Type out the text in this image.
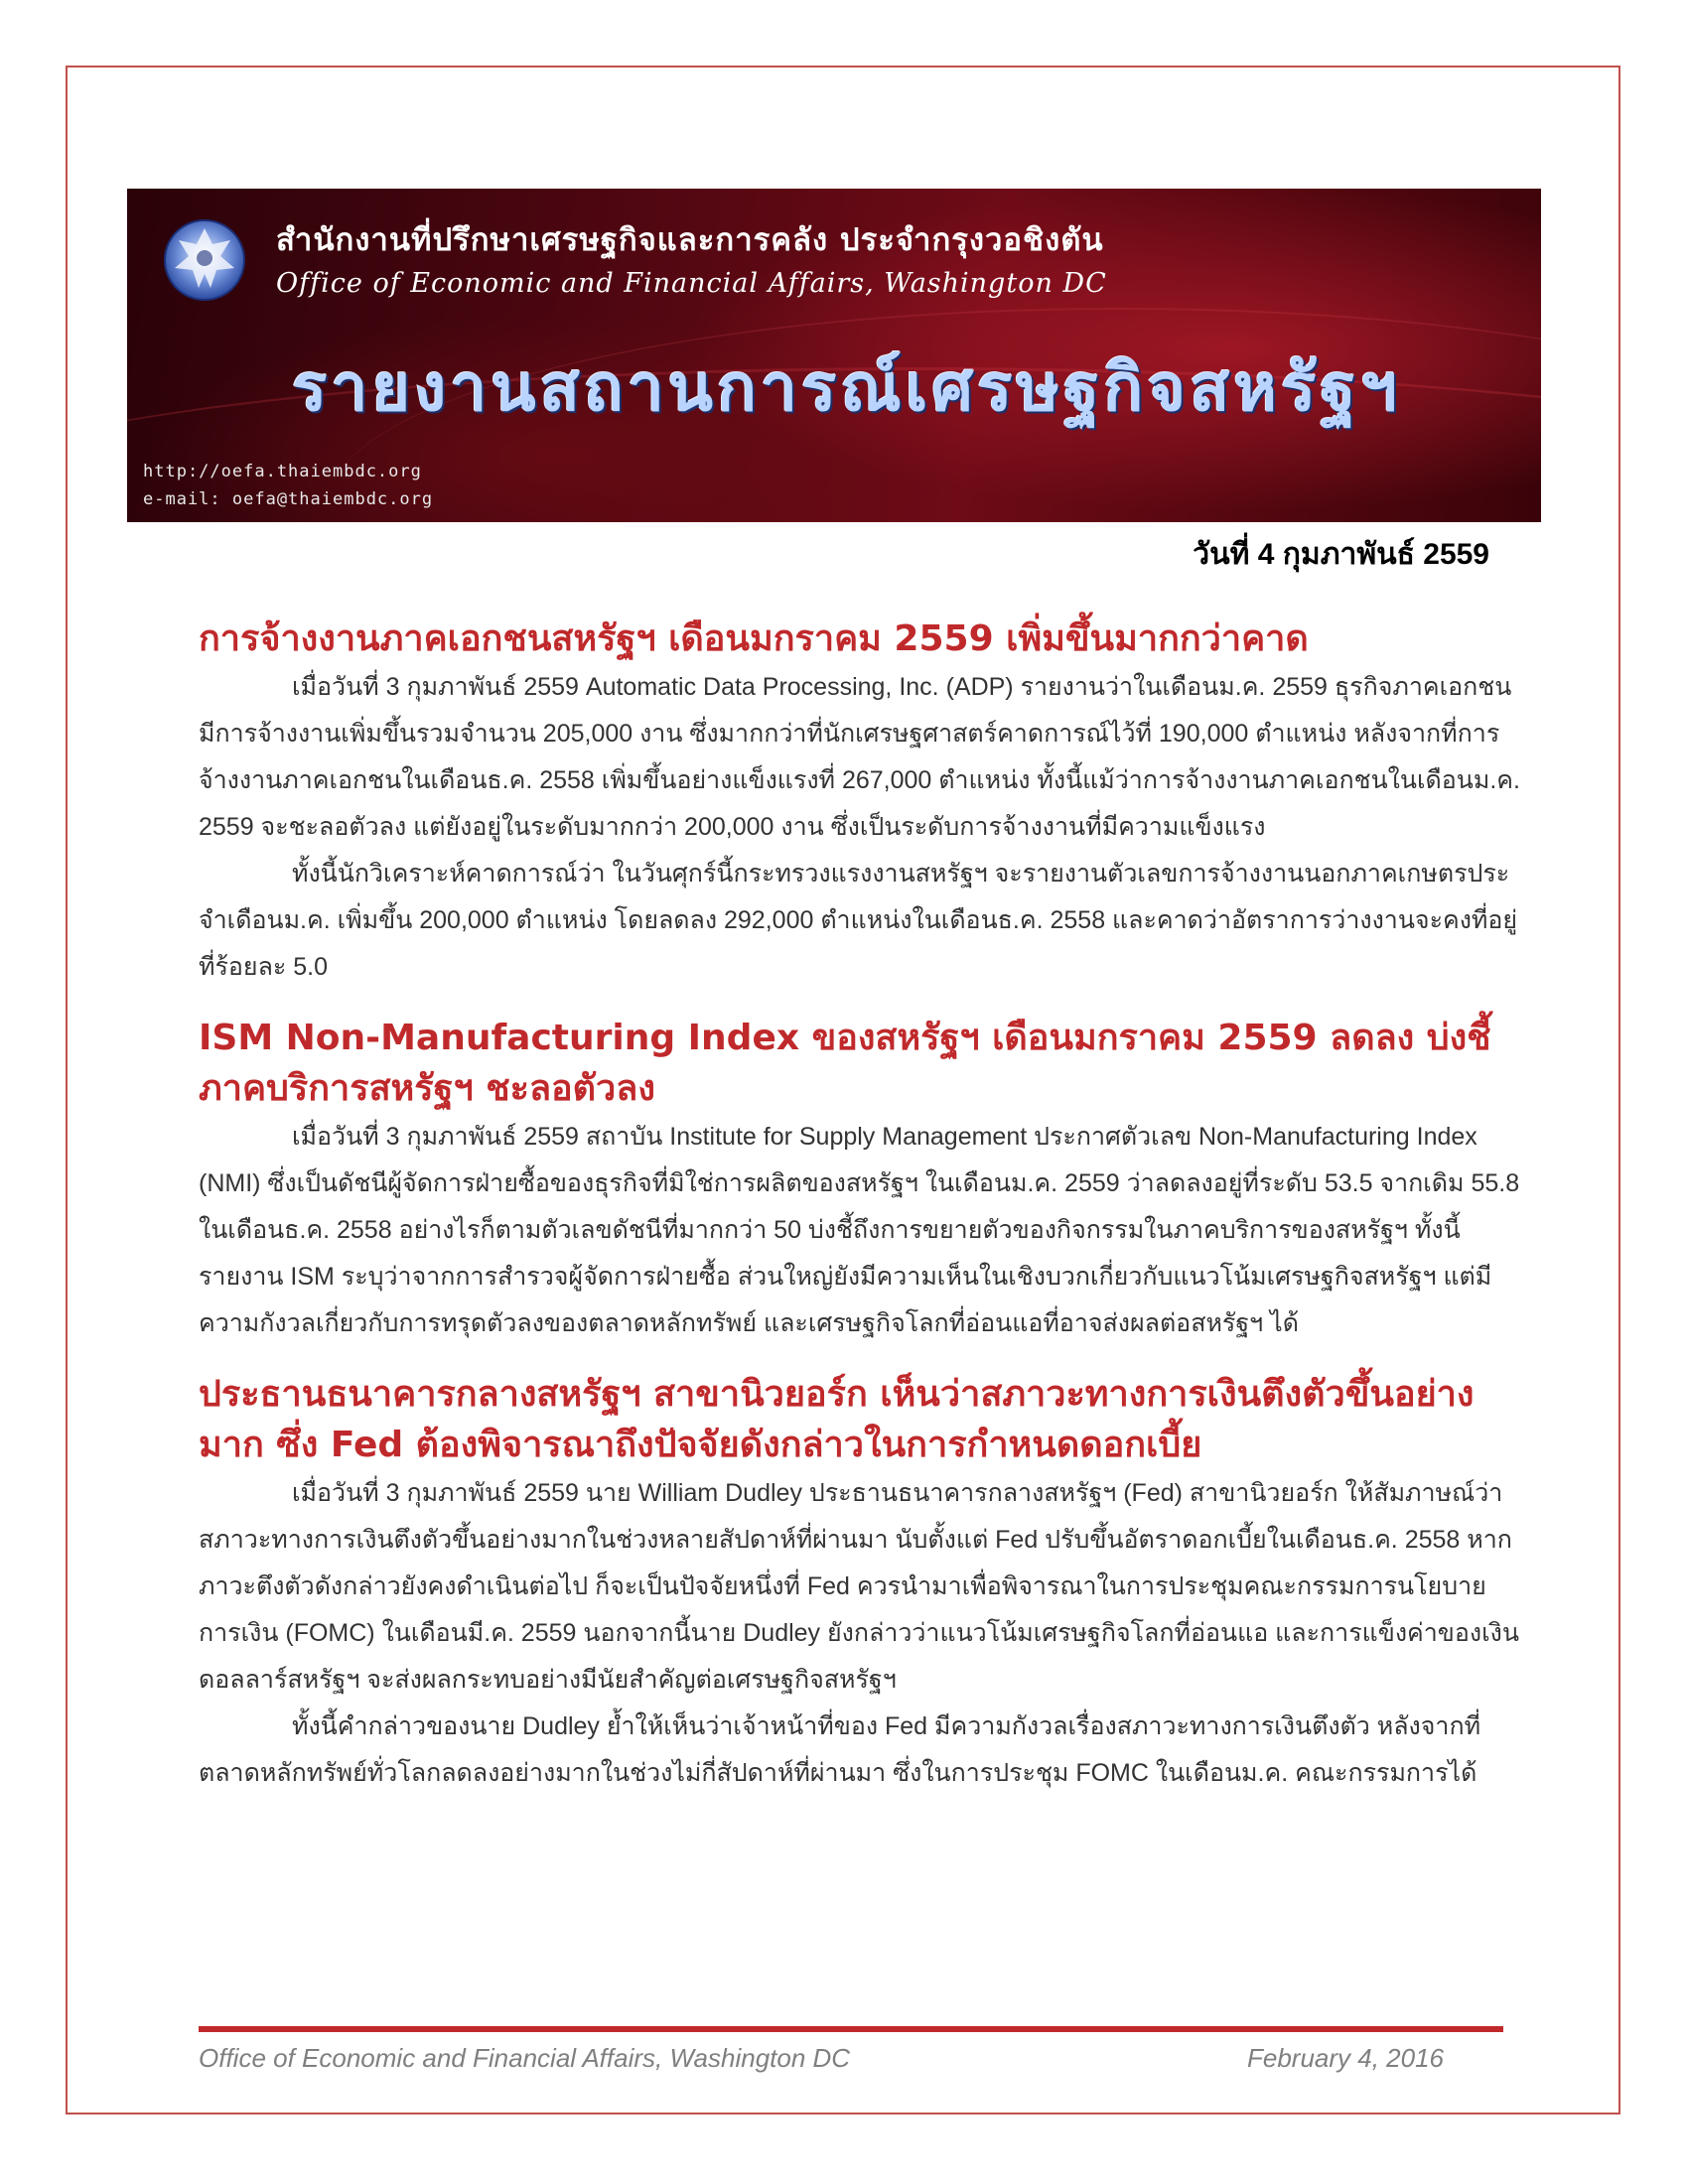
สำนักงานที่ปรึกษาเศรษฐกิจและการคลัง ประจำกรุงวอชิงตัน
Office of Economic and Financial Affairs, Washington DC
รายงานสถานการณ์เศรษฐกิจสหรัฐฯ
http://oefa.thaiembdc.org
e-mail: oefa@thaiembdc.org
วันที่ 4 กุมภาพันธ์ 2559
การจ้างงานภาคเอกชนสหรัฐฯ เดือนมกราคม 2559 เพิ่มขึ้นมากกว่าคาด

เมื่อวันที่ 3 กุมภาพันธ์ 2559 Automatic Data Processing, Inc. (ADP) รายงานว่าในเดือนม.ค. 2559 ธุรกิจภาคเอกชนมีการจ้างงานเพิ่มขึ้นรวมจำนวน 205,000 งาน ซึ่งมากกว่าที่นักเศรษฐศาสตร์คาดการณ์ไว้ที่ 190,000 ตำแหน่ง หลังจากที่การจ้างงานภาคเอกชนในเดือนธ.ค. 2558 เพิ่มขึ้นอย่างแข็งแรงที่ 267,000 ตำแหน่ง ทั้งนี้แม้ว่าการจ้างงานภาคเอกชนในเดือนม.ค. 2559 จะชะลอตัวลง แต่ยังอยู่ในระดับมากกว่า 200,000 งาน ซึ่งเป็นระดับการจ้างงานที่มีความแข็งแรง

ทั้งนี้นักวิเคราะห์คาดการณ์ว่า ในวันศุกร์นี้กระทรวงแรงงานสหรัฐฯ จะรายงานตัวเลขการจ้างงานนอกภาคเกษตรประจำเดือนม.ค. เพิ่มขึ้น 200,000 ตำแหน่ง โดยลดลง 292,000 ตำแหน่งในเดือนธ.ค. 2558 และคาดว่าอัตราการว่างงานจะคงที่อยู่ที่ร้อยละ 5.0

ISM Non-Manufacturing Index ของสหรัฐฯ เดือนมกราคม 2559 ลดลง บ่งชี้ภาคบริการสหรัฐฯ ชะลอตัวลง

เมื่อวันที่ 3 กุมภาพันธ์ 2559 สถาบัน Institute for Supply Management ประกาศตัวเลข Non-Manufacturing Index (NMI) ซึ่งเป็นดัชนีผู้จัดการฝ่ายซื้อของธุรกิจที่มิใช่การผลิตของสหรัฐฯ ในเดือนม.ค. 2559 ว่าลดลงอยู่ที่ระดับ 53.5 จากเดิม 55.8 ในเดือนธ.ค. 2558 อย่างไรก็ตามตัวเลขดัชนีที่มากกว่า 50 บ่งชี้ถึงการขยายตัวของกิจกรรมในภาคบริการของสหรัฐฯ ทั้งนี้รายงาน ISM ระบุว่าจากการสำรวจผู้จัดการฝ่ายซื้อ ส่วนใหญ่ยังมีความเห็นในเชิงบวกเกี่ยวกับแนวโน้มเศรษฐกิจสหรัฐฯ แต่มีความกังวลเกี่ยวกับการทรุดตัวลงของตลาดหลักทรัพย์ และเศรษฐกิจโลกที่อ่อนแอที่อาจส่งผลต่อสหรัฐฯ ได้

ประธานธนาคารกลางสหรัฐฯ สาขานิวยอร์ก เห็นว่าสภาวะทางการเงินตึงตัวขึ้นอย่างมาก ซึ่ง Fed ต้องพิจารณาถึงปัจจัยดังกล่าวในการกำหนดดอกเบี้ย

เมื่อวันที่ 3 กุมภาพันธ์ 2559 นาย William Dudley ประธานธนาคารกลางสหรัฐฯ (Fed) สาขานิวยอร์ก ให้สัมภาษณ์ว่า สภาวะทางการเงินตึงตัวขึ้นอย่างมากในช่วงหลายสัปดาห์ที่ผ่านมา นับตั้งแต่ Fed ปรับขึ้นอัตราดอกเบี้ยในเดือนธ.ค. 2558 หากภาวะตึงตัวดังกล่าวยังคงดำเนินต่อไป ก็จะเป็นปัจจัยหนึ่งที่ Fed ควรนำมาเพื่อพิจารณาในการประชุมคณะกรรมการนโยบายการเงิน (FOMC) ในเดือนมี.ค. 2559 นอกจากนี้นาย Dudley ยังกล่าวว่าแนวโน้มเศรษฐกิจโลกที่อ่อนแอ และการแข็งค่าของเงินดอลลาร์สหรัฐฯ จะส่งผลกระทบอย่างมีนัยสำคัญต่อเศรษฐกิจสหรัฐฯ

ทั้งนี้คำกล่าวของนาย Dudley ย้ำให้เห็นว่าเจ้าหน้าที่ของ Fed มีความกังวลเรื่องสภาวะทางการเงินตึงตัว หลังจากที่ตลาดหลักทรัพย์ทั่วโลกลดลงอย่างมากในช่วงไม่กี่สัปดาห์ที่ผ่านมา ซึ่งในการประชุม FOMC ในเดือนม.ค. คณะกรรมการได้

Office of Economic and Financial Affairs, Washington DC	February 4, 2016
